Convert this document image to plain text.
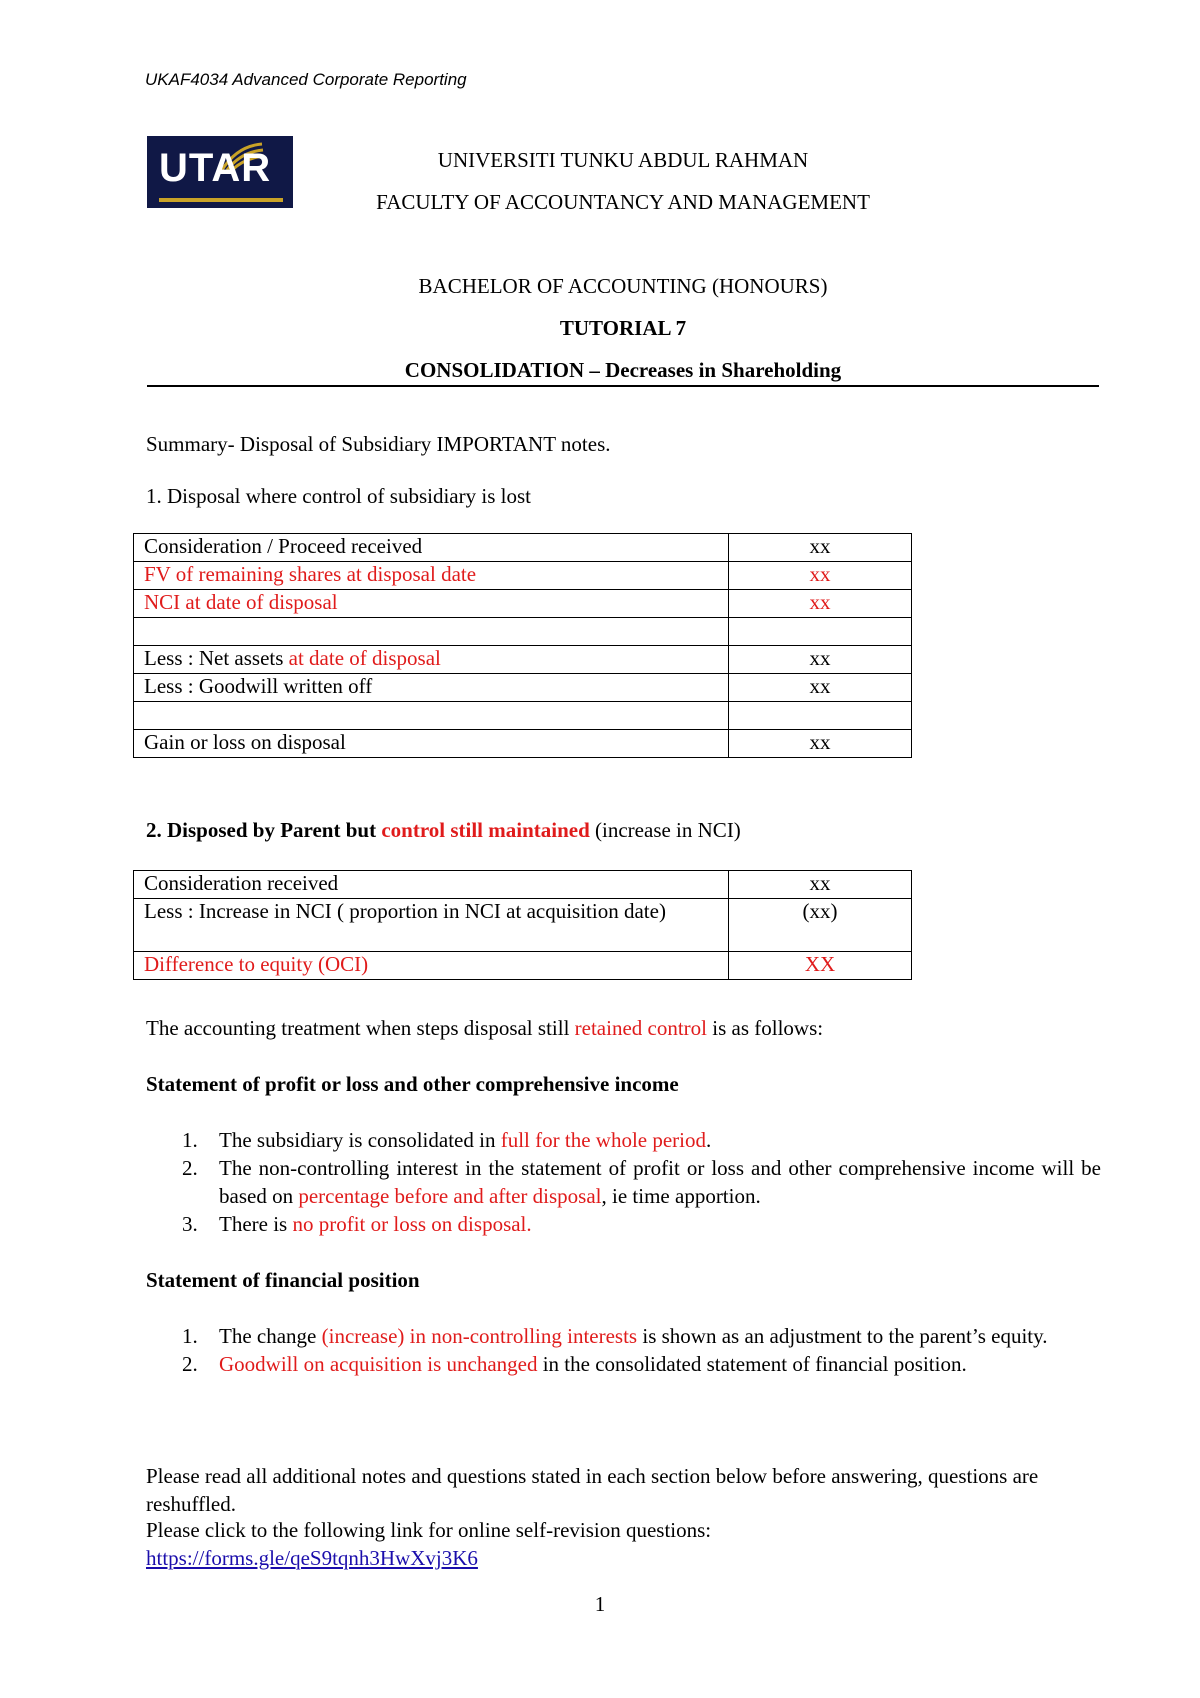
UKAF4034 Advanced Corporate Reporting
UTAR	UNIVERSITI TUNKU ABDUL RAHMAN
FACULTY OF ACCOUNTANCY AND MANAGEMENT
BACHELOR OF ACCOUNTING (HONOURS)
TUTORIAL 7
CONSOLIDATION – Decreases in Shareholding
Summary- Disposal of Subsidiary IMPORTANT notes.
1. Disposal where control of subsidiary is lost
Consideration / Proceed received	xx
FV of remaining shares at disposal date	xx
NCI at date of disposal	xx

Less : Net assets at date of disposal	xx
Less : Goodwill written off	xx

Gain or loss on disposal	xx
2. Disposed by Parent but control still maintained (increase in NCI)
Consideration received	xx
Less : Increase in NCI ( proportion in NCI at acquisition date)	(xx)
Difference to equity (OCI)	XX
The accounting treatment when steps disposal still retained control is as follows:
Statement of profit or loss and other comprehensive income
1. The subsidiary is consolidated in full for the whole period.
2. The non-controlling interest in the statement of profit or loss and other comprehensive income will be based on percentage before and after disposal, ie time apportion.
3. There is no profit or loss on disposal.
Statement of financial position
1. The change (increase) in non-controlling interests is shown as an adjustment to the parent’s equity.
2. Goodwill on acquisition is unchanged in the consolidated statement of financial position.
Please read all additional notes and questions stated in each section below before answering, questions are reshuffled.
Please click to the following link for online self-revision questions:
https://forms.gle/qeS9tqnh3HwXvj3K6
1
